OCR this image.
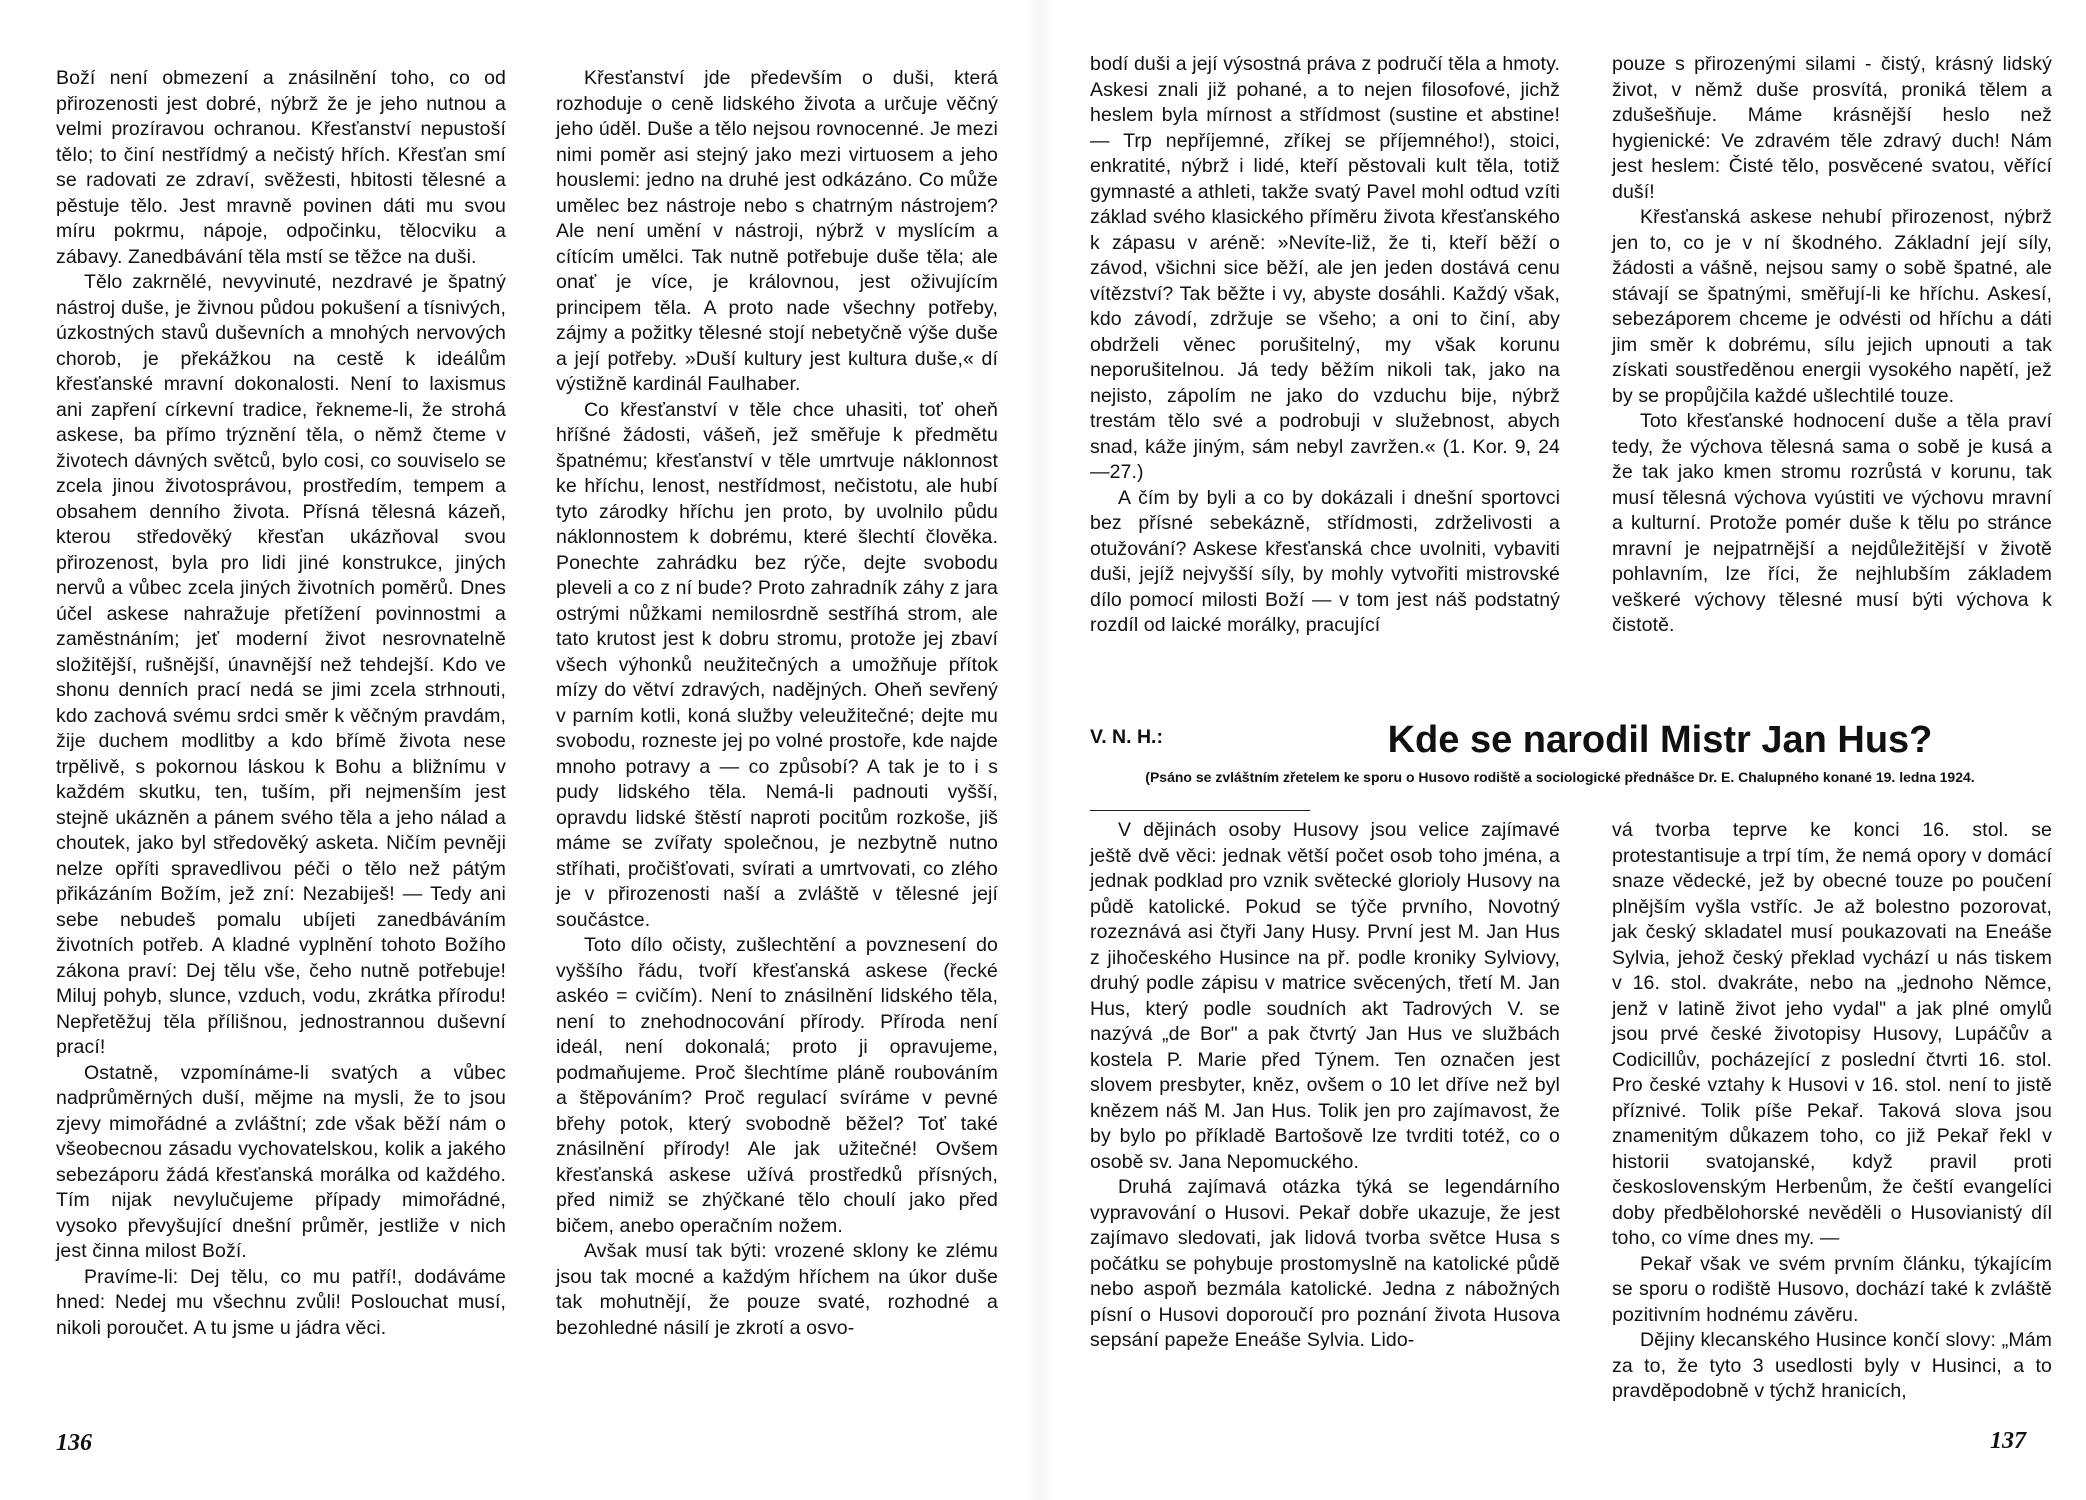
Boží není obmezení a znásilnění toho, co od přirozenosti jest dobré, nýbrž že je jeho nutnou a velmi prozíravou ochranou. Křesťanství nepustoší tělo; to činí nestřídmý a nečistý hřích. Křesťan smí se radovati ze zdraví, svěžesti, hbitosti tělesné a pěstuje tělo. Jest mravně povinen dáti mu svou míru pokrmu, nápoje, odpočinku, tělocviku a zábavy. Zanedbávání těla mstí se těžce na duši.

Tělo zakrnělé, nevyvinuté, nezdravé je špatný nástroj duše, je živnou půdou pokušení a tísnivých, úzkostných stavů duševních a mnohých nervových chorob, je překážkou na cestě k ideálům křesťanské mravní dokonalosti. Není to laxismus ani zapření církevní tradice, řekneme-li, že strohá askese, ba přímo trýznění těla, o němž čteme v životech dávných světců, bylo cosi, co souviselo se zcela jinou životosprávou, prostředím, tempem a obsahem denního života. Přísná tělesná kázeň, kterou středověký křesťan ukázňoval svou přirozenost, byla pro lidi jiné konstrukce, jiných nervů a vůbec zcela jiných životních poměrů. Dnes účel askese nahražuje přetížení povinnostmi a zaměstnáním; jeť moderní život nesrovnatelně složitější, rušnější, únavnější než tehdejší. Kdo ve shonu denních prací nedá se jimi zcela strhnouti, kdo zachová svému srdci směr k věčným pravdám, žije duchem modlitby a kdo břímě života nese trpělivě, s pokornou láskou k Bohu a bližnímu v každém skutku, ten, tuším, při nejmenším jest stejně ukázněn a pánem svého těla a jeho nálad a choutek, jako byl středověký asketa. Ničím pevněji nelze opříti spravedlivou péči o tělo než pátým přikázáním Božím, jež zní: Nezabiješ! — Tedy ani sebe nebudeš pomalu ubíjeti zanedbáváním životních potřeb. A kladné vyplnění tohoto Božího zákona praví: Dej tělu vše, čeho nutně potřebuje! Miluj pohyb, slunce, vzduch, vodu, zkrátka přírodu! Nepřetěžuj těla přílišnou, jednostrannou duševní prací!

Ostatně, vzpomínáme-li svatých a vůbec nadprůměrných duší, mějme na mysli, že to jsou zjevy mimořádné a zvláštní; zde však běží nám o všeobecnou zásadu vychovatelskou, kolik a jakého sebezáporu žádá křesťanská morálka od každého. Tím nijak nevylučujeme případy mimořádné, vysoko převyšující dnešní průměr, jestliže v nich jest činna milost Boží.

Pravíme-li: Dej tělu, co mu patří!, dodáváme hned: Nedej mu všechnu zvůli! Poslouchat musí, nikoli poroučet. A tu jsme u jádra věci.

Křesťanství jde především o duši, která rozhoduje o ceně lidského života a určuje věčný jeho úděl. Duše a tělo nejsou rovnocenné. Je mezi nimi poměr asi stejný jako mezi virtuosem a jeho houslemi: jedno na druhé jest odkázáno. Co může umělec bez nástroje nebo s chatrným nástrojem? Ale není umění v nástroji, nýbrž v myslícím a cítícím umělci. Tak nutně potřebuje duše těla; ale onať je více, je královnou, jest oživujícím principem těla. A proto nade všechny potřeby, zájmy a požitky tělesné stojí nebetyčně výše duše a její potřeby. »Duší kultury jest kultura duše,« dí výstižně kardinál Faulhaber.

Co křesťanství v těle chce uhasiti, toť oheň hříšné žádosti, vášeň, jež směřuje k předmětu špatnému; křesťanství v těle umrtvuje náklonnost ke hříchu, lenost, nestřídmost, nečistotu, ale hubí tyto zárodky hříchu jen proto, by uvolnilo půdu náklonnostem k dobrému, které šlechtí člověka. Ponechte zahrádku bez rýče, dejte svobodu pleveli a co z ní bude? Proto zahradník záhy z jara ostrými nůžkami nemilosrdně sestříhá strom, ale tato krutost jest k dobru stromu, protože jej zbaví všech výhonků neužitečných a umožňuje přítok mízy do větví zdravých, nadějných. Oheň sevřený v parním kotli, koná služby veleužitečné; dejte mu svobodu, rozneste jej po volné prostoře, kde najde mnoho potravy a — co způsobí? A tak je to i s pudy lidského těla. Nemá-li padnouti vyšší, opravdu lidské štěstí naproti pocitům rozkoše, jiš máme se zvířaty společnou, je nezbytně nutno stříhati, pročišťovati, svírati a umrtvovati, co zlého je v přirozenosti naší a zvláště v tělesné její součástce.

Toto dílo očisty, zušlechtění a povznesení do vyššího řádu, tvoří křesťanská askese (řecké askéo = cvičím). Není to znásilnění lidského těla, není to znehodnocování přírody. Příroda není ideál, není dokonalá; proto ji opravujeme, podmaňujeme. Proč šlechtíme pláně roubováním a štěpováním? Proč regulací svíráme v pevné břehy potok, který svobodně běžel? Toť také znásilnění přírody! Ale jak užitečné! Ovšem křesťanská askese užívá prostředků přísných, před nimiž se zhýčkané tělo choulí jako před bičem, anebo operačním nožem.

Avšak musí tak býti: vrozené sklony ke zlému jsou tak mocné a každým hříchem na úkor duše tak mohutnějí, že pouze svaté, rozhodné a bezohledné násilí je zkrotí a osvo-

136

bodí duši a její výsostná práva z područí těla a hmoty. Askesi znali již pohané, a to nejen filosofové, jichž heslem byla mírnost a střídmost (sustine et abstine! — Trp nepříjemné, zříkej se příjemného!), stoici, enkratité, nýbrž i lidé, kteří pěstovali kult těla, totiž gymnasté a athleti, takže svatý Pavel mohl odtud vzíti základ svého klasického příměru života křesťanského k zápasu v aréně: »Nevíte-liž, že ti, kteří běží o závod, všichni sice běží, ale jen jeden dostává cenu vítězství? Tak běžte i vy, abyste dosáhli. Každý však, kdo závodí, zdržuje se všeho; a oni to činí, aby obdrželi věnec porušitelný, my však korunu neporušitelnou. Já tedy běžím nikoli tak, jako na nejisto, zápolím ne jako do vzduchu bije, nýbrž trestám tělo své a podrobuji v služebnost, abych snad, káže jiným, sám nebyl zavržen.« (1. Kor. 9, 24—27.)

A čím by byli a co by dokázali i dnešní sportovci bez přísné sebekázně, střídmosti, zdrželivosti a otužování? Askese křesťanská chce uvolniti, vybaviti duši, jejíž nejvyšší síly, by mohly vytvořiti mistrovské dílo pomocí milosti Boží — v tom jest náš podstatný rozdíl od laické morálky, pracující

pouze s přirozenými silami - čistý, krásný lidský život, v němž duše prosvítá, proniká tělem a zdušešňuje. Máme krásnější heslo než hygienické: Ve zdravém těle zdravý duch! Nám jest heslem: Čisté tělo, posvěcené svatou, věřící duší!

Křesťanská askese nehubí přirozenost, nýbrž jen to, co je v ní škodného. Základní její síly, žádosti a vášně, nejsou samy o sobě špatné, ale stávají se špatnými, směřují-li ke hříchu. Askesí, sebezáporem chceme je odvésti od hříchu a dáti jim směr k dobrému, sílu jejich upnouti a tak získati soustředěnou energii vysokého napětí, jež by se propůjčila každé ušlechtilé touze.

Toto křesťanské hodnocení duše a těla praví tedy, že výchova tělesná sama o sobě je kusá a že tak jako kmen stromu rozrůstá v korunu, tak musí tělesná výchova vyústiti ve výchovu mravní a kulturní. Protože pomér duše k tělu po stránce mravní je nejpatrnější a nejdůležitější v životě pohlavním, lze říci, že nejhlubším základem veškeré výchovy tělesné musí býti výchova k čistotě.

V dějinách osoby Husovy jsou velice zajímavé ještě dvě věci: jednak větší počet osob toho jména, a jednak podklad pro vznik světecké glorioly Husovy na půdě katolické. Pokud se týče prvního, Novotný rozeznává asi čtyři Jany Husy. První jest M. Jan Hus z jihočeského Husince na př. podle kroniky Sylviovy, druhý podle zápisu v matrice svěcených, třetí M. Jan Hus, který podle soudních akt Tadrových V. se nazývá „de Bor" a pak čtvrtý Jan Hus ve službách kostela P. Marie před Týnem. Ten označen jest slovem presbyter, kněz, ovšem o 10 let dříve než byl knězem náš M. Jan Hus. Tolik jen pro zajímavost, že by bylo po příkladě Bartošově lze tvrditi totéž, co o osobě sv. Jana Nepomuckého.

Druhá zajímavá otázka týká se legendárního vypravování o Husovi. Pekař dobře ukazuje, že jest zajímavo sledovati, jak lidová tvorba světce Husa s počátku se pohybuje prostomyslně na katolické půdě nebo aspoň bezmála katolické. Jedna z nábožných písní o Husovi doporoučí pro poznání života Husova sepsání papeže Eneáše Sylvia. Lido-

vá tvorba teprve ke konci 16. stol. se protestantisuje a trpí tím, že nemá opory v domácí snaze vědecké, jež by obecné touze po poučení plnějším vyšla vstříc. Je až bolestno pozorovat, jak český skladatel musí poukazovati na Eneáše Sylvia, jehož český překlad vychází u nás tiskem v 16. stol. dvakráte, nebo na „jednoho Němce, jenž v latině život jeho vydal" a jak plné omylů jsou prvé české životopisy Husovy, Lupáčův a Codicillův, pocházející z poslední čtvrti 16. stol. Pro české vztahy k Husovi v 16. stol. není to jistě příznivé. Tolik píše Pekař. Taková slova jsou znamenitým důkazem toho, co již Pekař řekl v historii svatojanské, když pravil proti československým Herbenům, že čeští evangelíci doby předbělohorské nevěděli o Husovianistý díl toho, co víme dnes my. —

Pekař však ve svém prvním článku, týkajícím se sporu o rodiště Husovo, dochází také k zvláště pozitivním hodnému závěru.

Dějiny klecanského Husince končí slovy: „Mám za to, že tyto 3 usedlosti byly v Husinci, a to pravděpodobně v týchž hranicích,

137
V. N. H.:	Kde se narodil Mistr Jan Hus?
(Psáno se zvláštním zřetelem ke sporu o Husovo rodiště a sociologické přednášce Dr. E. Chalupného konané 19. ledna 1924.
